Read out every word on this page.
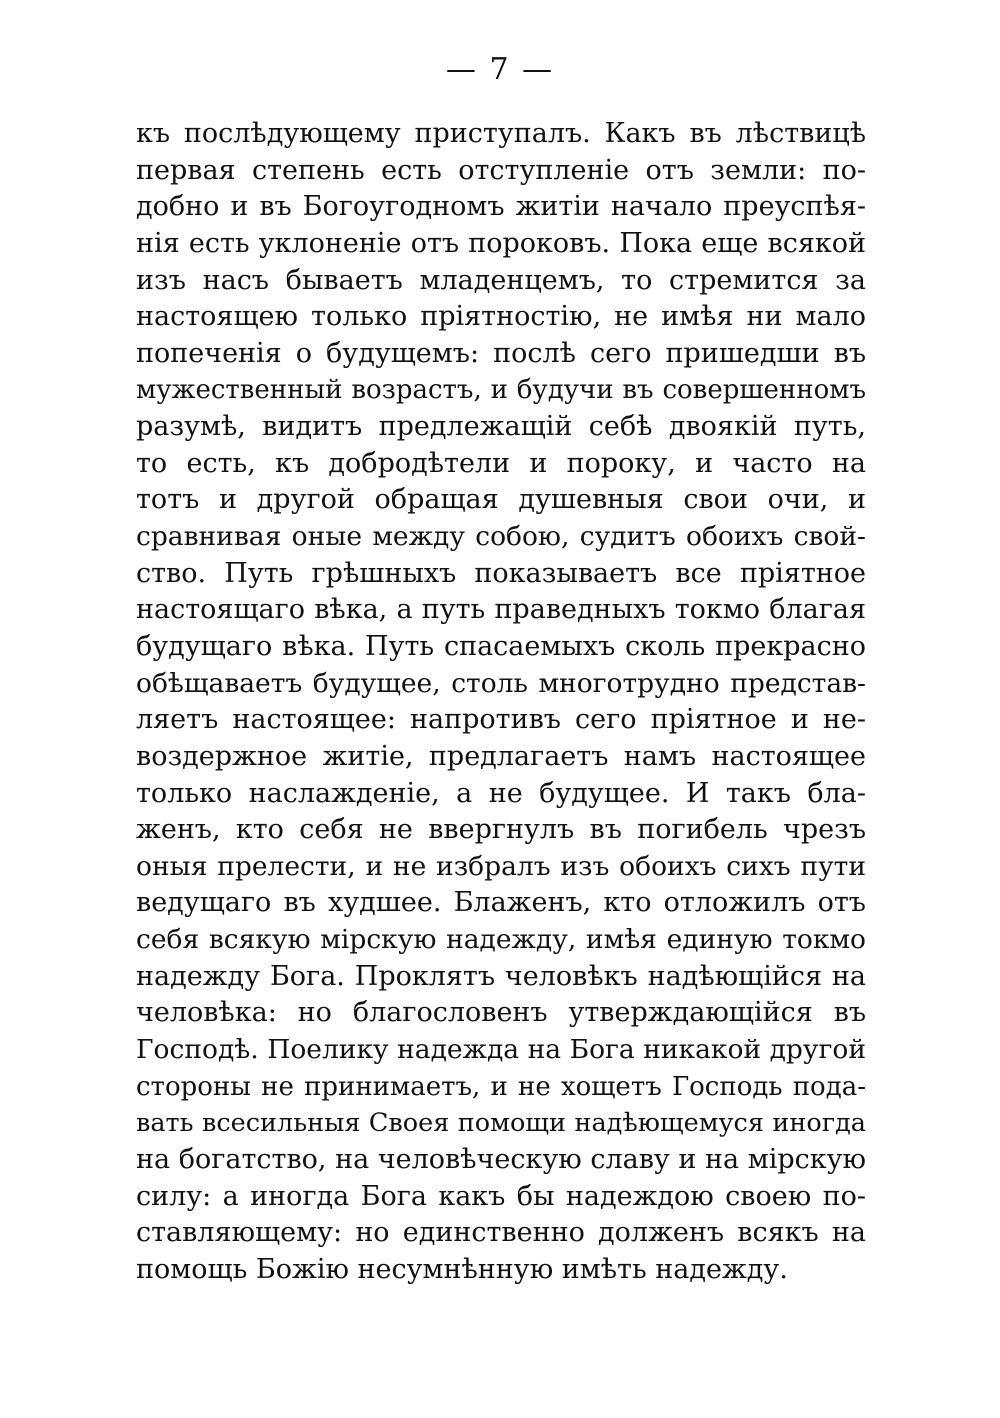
— 7 —
къ послѣдующему приступалъ. Какъ въ лѣствицѣ
первая степень есть отступленіе отъ земли: по-
добно и въ Богоугодномъ житіи начало преуспѣя-
нія есть уклоненіе отъ пороковъ. Пока еще всякой
изъ насъ бываетъ младенцемъ, то стремится за
настоящею только пріятностію, не имѣя ни мало
попеченія о будущемъ: послѣ сего пришедши въ
мужественный возрастъ, и будучи въ совершенномъ
разумѣ, видитъ предлежащій себѣ двоякій путь,
то есть, къ добродѣтели и пороку, и часто на
тотъ и другой обращая душевныя свои очи, и
сравнивая оные между собою, судитъ обоихъ свой-
ство. Путь грѣшныхъ показываетъ все пріятное
настоящаго вѣка, а путь праведныхъ токмо благая
будущаго вѣка. Путь спасаемыхъ сколь прекрасно
обѣщаваетъ будущее, столь многотрудно представ-
ляетъ настоящее: напротивъ сего пріятное и не-
воздержное житіе, предлагаетъ намъ настоящее
только наслажденіе, а не будущее. И такъ бла-
женъ, кто себя не ввергнулъ въ погибель чрезъ
оныя прелести, и не избралъ изъ обоихъ сихъ пути
ведущаго въ худшее. Блаженъ, кто отложилъ отъ
себя всякую мірскую надежду, имѣя единую токмо
надежду Бога. Проклятъ человѣкъ надѣющійся на
человѣка: но благословенъ утверждающійся въ
Господѣ. Поелику надежда на Бога никакой другой
стороны не принимаетъ, и не хощетъ Господь пода-
вать всесильныя Своея помощи надѣющемуся иногда
на богатство, на человѣческую славу и на мірскую
силу: а иногда Бога какъ бы надеждою своею по-
ставляющему: но единственно долженъ всякъ на
помощь Божію несумнѣнную имѣть надежду.
